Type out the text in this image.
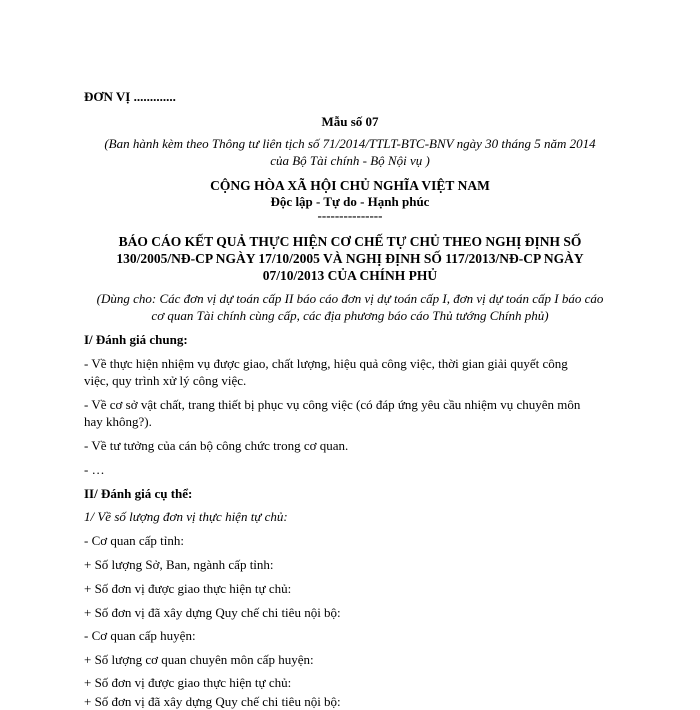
ĐƠN VỊ .............
Mẫu số 07
(Ban hành kèm theo Thông tư liên tịch số 71/2014/TTLT-BTC-BNV ngày 30 tháng 5 năm 2014
của Bộ Tài chính - Bộ Nội vụ )
CỘNG HÒA XÃ HỘI CHỦ NGHĨA VIỆT NAM
Độc lập - Tự do - Hạnh phúc
---------------
BÁO CÁO KẾT QUẢ THỰC HIỆN CƠ CHẾ TỰ CHỦ THEO NGHỊ ĐỊNH SỐ
130/2005/NĐ-CP NGÀY 17/10/2005 VÀ NGHỊ ĐỊNH SỐ 117/2013/NĐ-CP NGÀY
07/10/2013 CỦA CHÍNH PHỦ
(Dùng cho: Các đơn vị dự toán cấp II báo cáo đơn vị dự toán cấp I, đơn vị dự toán cấp I báo cáo
cơ quan Tài chính cùng cấp, các địa phương báo cáo Thủ tướng Chính phủ)
I/ Đánh giá chung:
- Về thực hiện nhiệm vụ được giao, chất lượng, hiệu quả công việc, thời gian giải quyết công
việc, quy trình xử lý công việc.
- Về cơ sở vật chất, trang thiết bị phục vụ công việc (có đáp ứng yêu cầu nhiệm vụ chuyên môn
hay không?).
- Về tư tưởng của cán bộ công chức trong cơ quan.
- …
II/ Đánh giá cụ thể:
1/ Về số lượng đơn vị thực hiện tự chủ:
- Cơ quan cấp tỉnh:
+ Số lượng Sở, Ban, ngành cấp tỉnh:
+ Số đơn vị được giao thực hiện tự chủ:
+ Số đơn vị đã xây dựng Quy chế chi tiêu nội bộ:
- Cơ quan cấp huyện:
+ Số lượng cơ quan chuyên môn cấp huyện:
+ Số đơn vị được giao thực hiện tự chủ:
+ Số đơn vị đã xây dựng Quy chế chi tiêu nội bộ:
